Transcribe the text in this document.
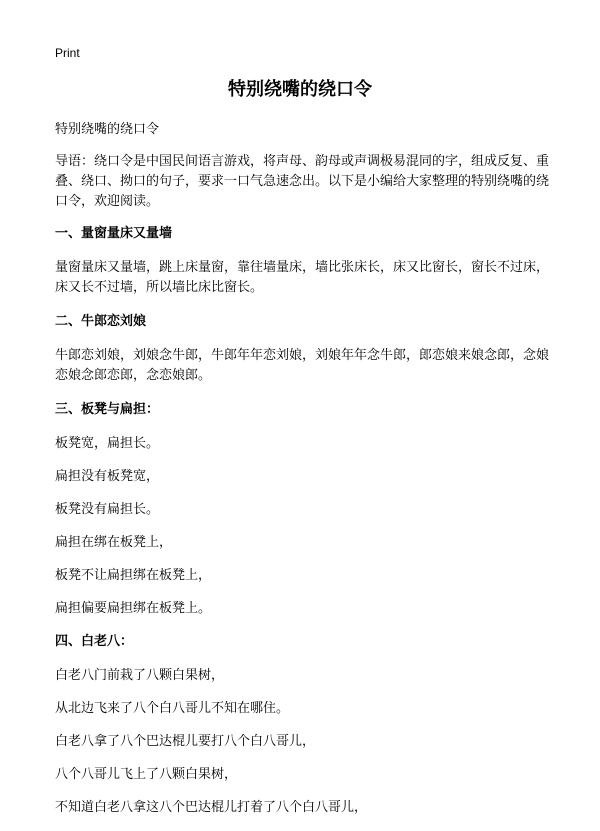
Print
特别绕嘴的绕口令

特别绕嘴的绕口令

导语：绕口令是中国民间语言游戏，将声母、韵母或声调极易混同的字，组成反复、重叠、绕口、拗口的句子，要求一口气急速念出。以下是小编给大家整理的特别绕嘴的绕口令，欢迎阅读。

一、量窗量床又量墙

量窗量床又量墙，跳上床量窗，靠往墙量床，墙比张床长，床又比窗长，窗长不过床，床又长不过墙，所以墙比床比窗长。

二、牛郎恋刘娘

牛郎恋刘娘，刘娘念牛郎，牛郎年年恋刘娘，刘娘年年念牛郎，郎恋娘来娘念郎，念娘恋娘念郎恋郎，念恋娘郎。

三、板凳与扁担：

板凳宽，扁担长。

扁担没有板凳宽，

板凳没有扁担长。

扁担在绑在板凳上，

板凳不让扁担绑在板凳上，

扁担偏要扁担绑在板凳上。

四、白老八：

白老八门前栽了八颗白果树，

从北边飞来了八个白八哥儿不知在哪住。

白老八拿了八个巴达棍儿要打八个白八哥儿，

八个八哥儿飞上了八颗白果树，

不知道白老八拿这八个巴达棍儿打着了八个白八哥儿，
